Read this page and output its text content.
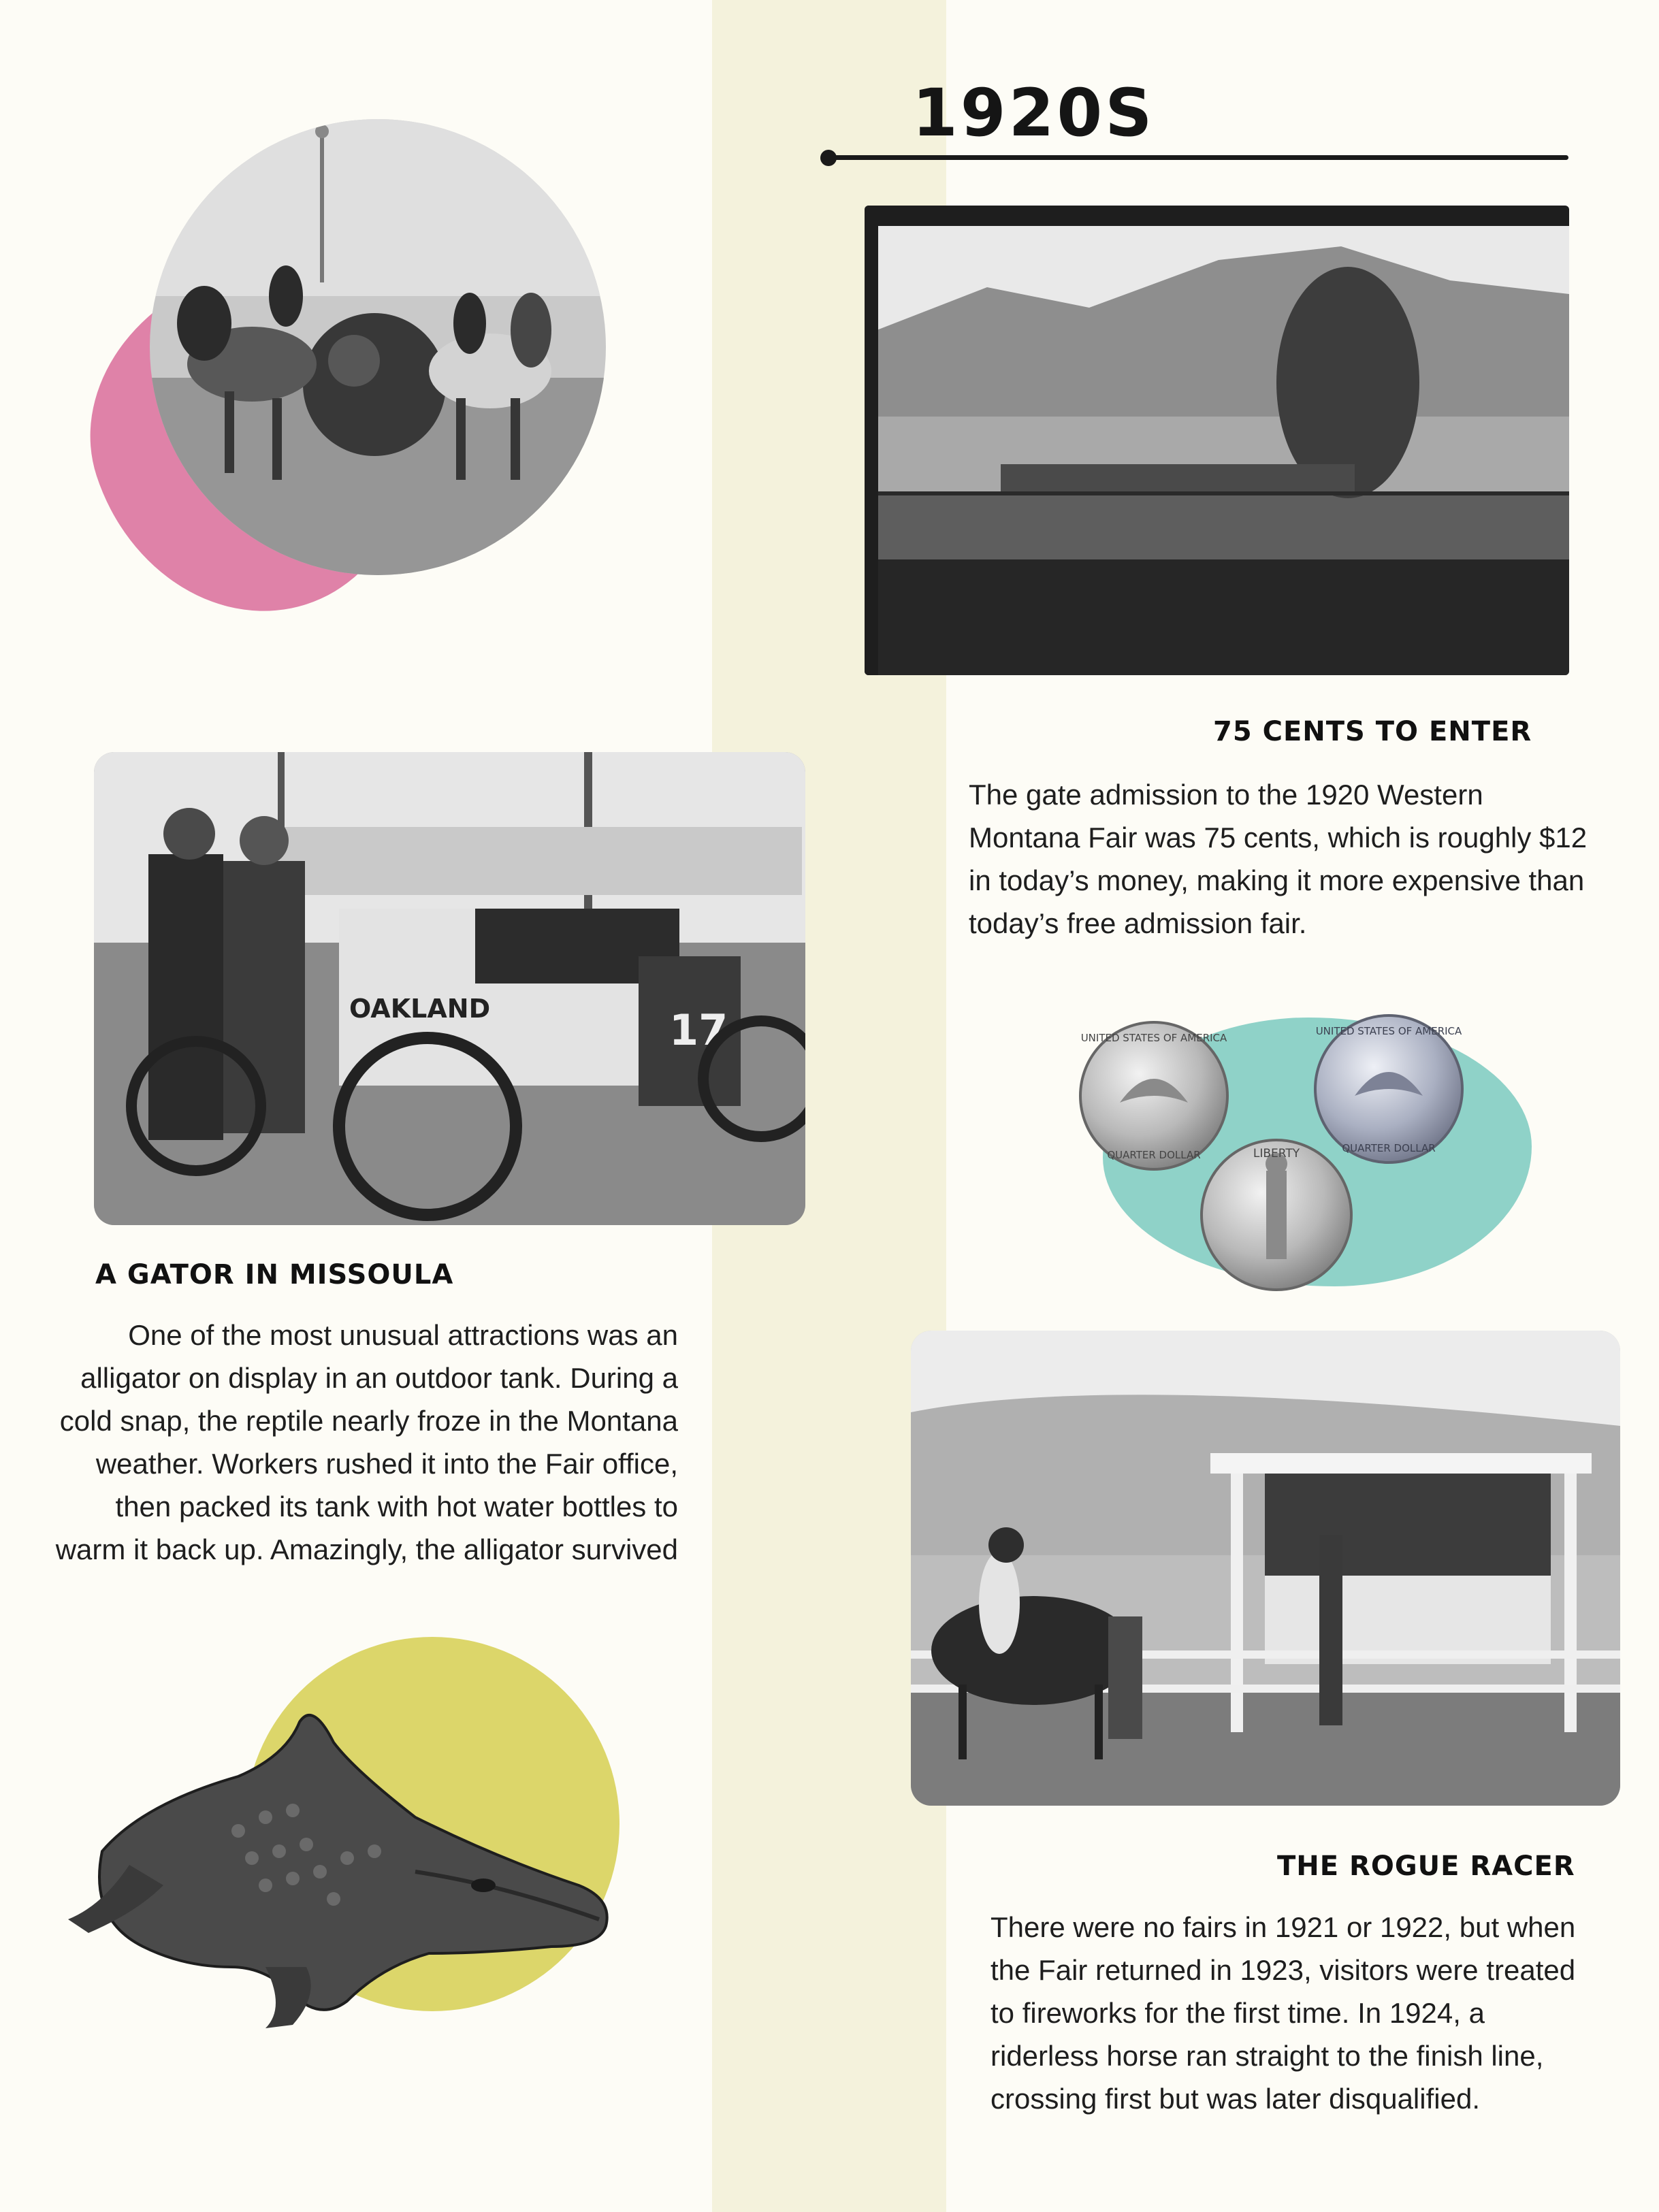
1920S
75 CENTS TO ENTER
The gate admission to the 1920 Western Montana Fair was 75 cents, which is roughly $12 in today’s money, making it more expensive than today’s free admission fair.
17
OAKLAND
A GATOR IN MISSOULA
One of the most unusual attractions was an alligator on display in an outdoor tank. During a cold snap, the reptile nearly froze in the Montana weather. Workers rushed it into the Fair office, then packed its tank with hot water bottles to warm it back up. Amazingly, the alligator survived
UNITED STATES OF AMERICA
QUARTER DOLLAR
UNITED STATES OF AMERICA
QUARTER DOLLAR
LIBERTY
THE ROGUE RACER
There were no fairs in 1921 or 1922, but when the Fair returned in 1923, visitors were treated to fireworks for the first time. In 1924, a riderless horse ran straight to the finish line, crossing first but was later disqualified.
